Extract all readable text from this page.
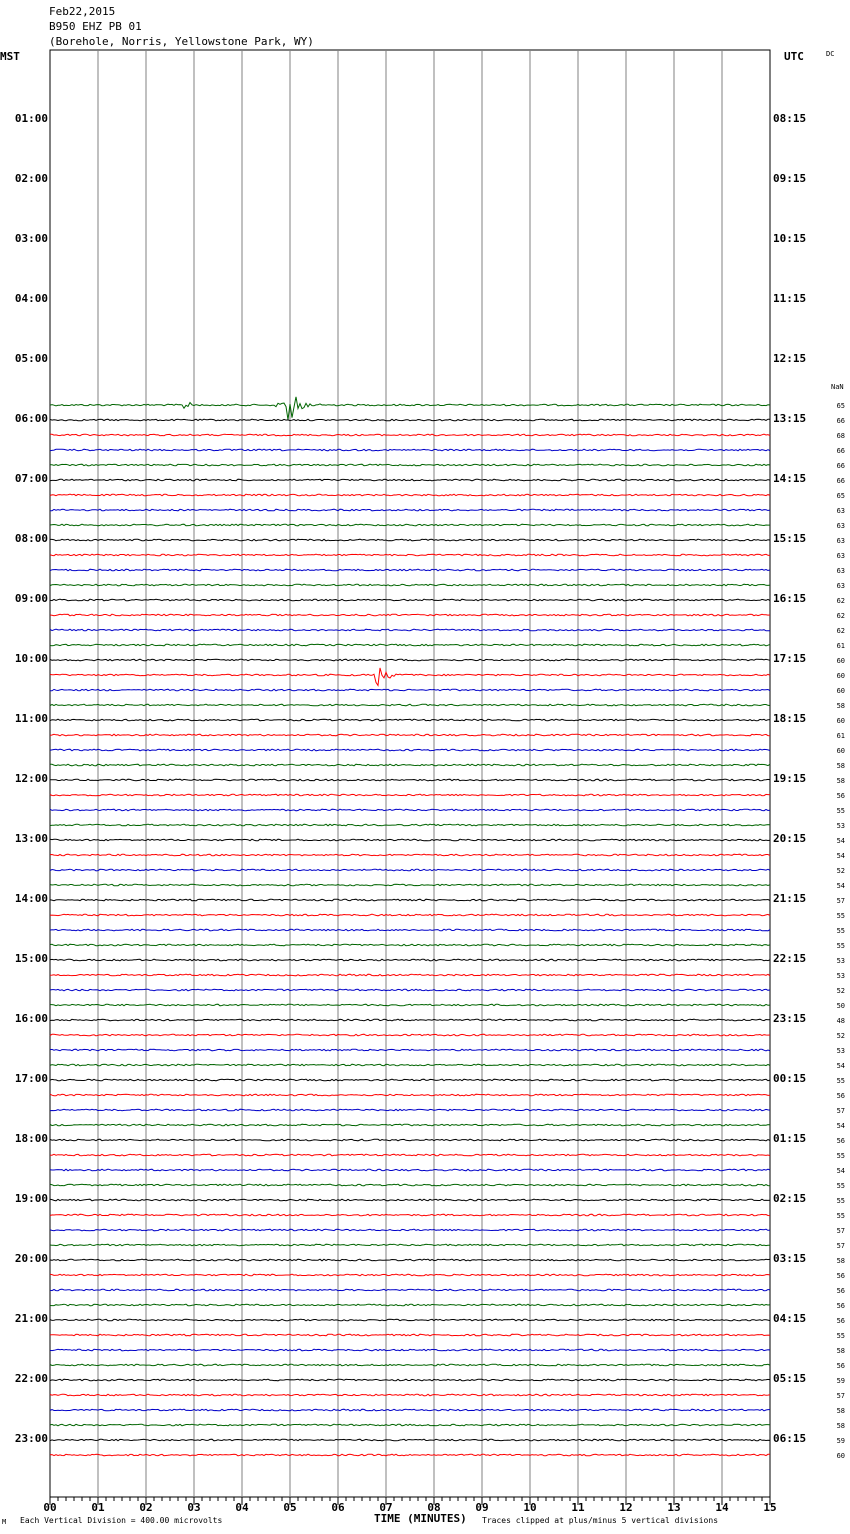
Feb22,2015
B950 EHZ PB 01
(Borehole, Norris, Yellowstone Park, WY)
MST	UTC	DC
NaN
M Each Vertical Division = 400.00 microvolts	TIME (MINUTES) Traces clipped at plus/minus 5 vertical divisions
01:00
02:00
03:00
04:00
05:00
06:00
07:00
08:00
09:00
10:00
11:00
12:00
13:00
14:00
15:00
16:00
17:00
18:00
19:00
20:00
21:00
22:00
23:00
08:15
09:15
10:15
11:15
12:15
13:15
14:15
15:15
16:15
17:15
18:15
19:15
20:15
21:15
22:15
23:15
00:15
01:15
02:15
03:15
04:15
05:15
06:15
65
66
68
66
66
66
65
63
63
63
63
63
63
62
62
62
61
60
60
60
58
60
61
60
58
58
56
55
53
54
54
52
54
57
55
55
55
53
53
52
50
48
52
53
54
55
56
57
54
56
55
54
55
55
55
57
57
58
56
56
56
56
55
58
56
59
57
58
58
59
60
00	01	02	03	04	05	06	07	08	09	10	11	12	13	14	15
